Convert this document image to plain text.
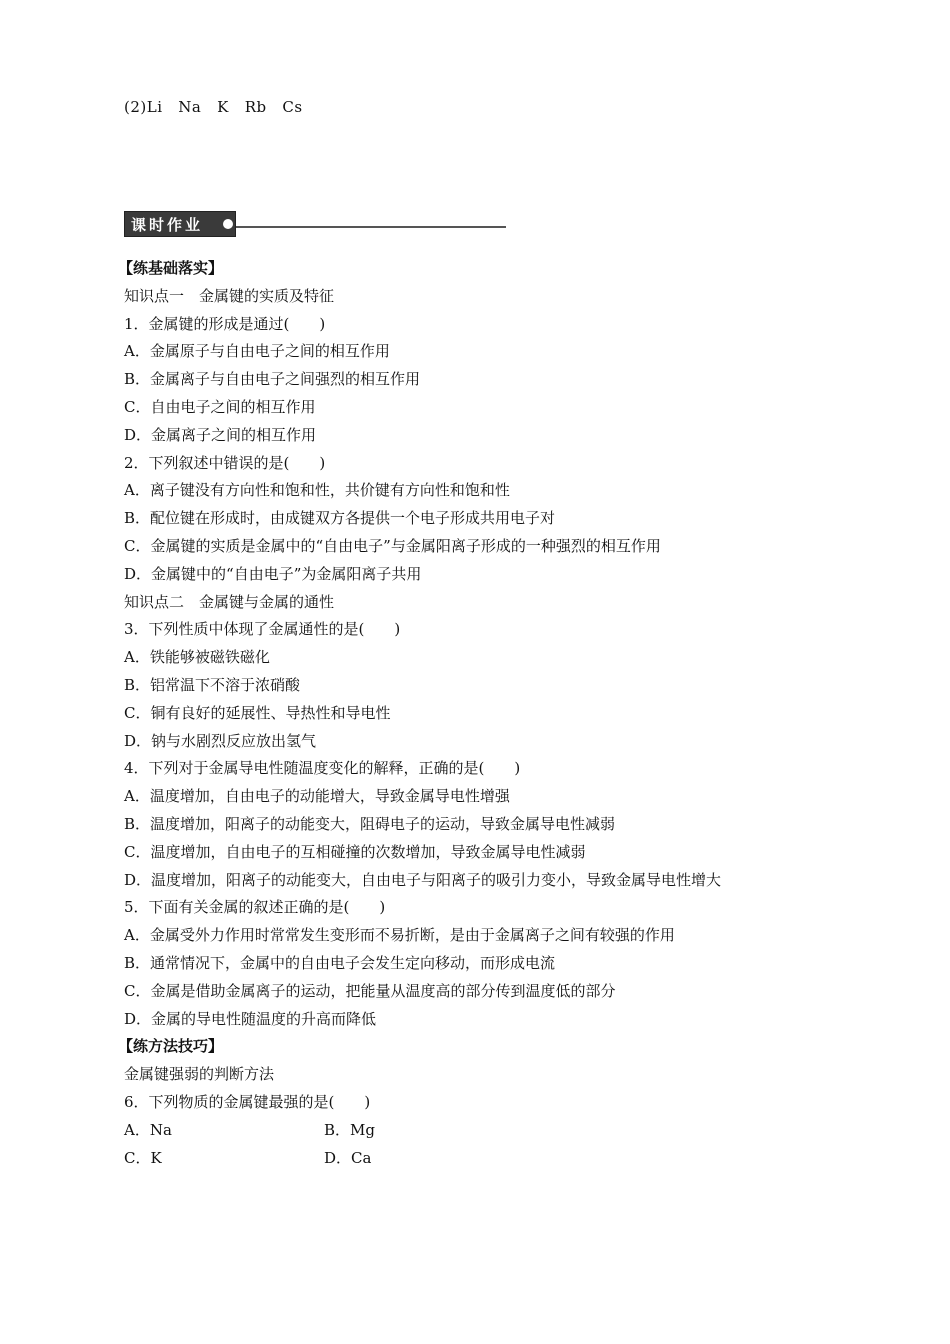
(2)Li   Na   K   Rb   Cs
课时作业
【练基础落实】
知识点一　金属键的实质及特征
1．金属键的形成是通过(　　)
A．金属原子与自由电子之间的相互作用
B．金属离子与自由电子之间强烈的相互作用
C．自由电子之间的相互作用
D．金属离子之间的相互作用
2．下列叙述中错误的是(　　)
A．离子键没有方向性和饱和性，共价键有方向性和饱和性
B．配位键在形成时，由成键双方各提供一个电子形成共用电子对
C．金属键的实质是金属中的“自由电子”与金属阳离子形成的一种强烈的相互作用
D．金属键中的“自由电子”为金属阳离子共用
知识点二　金属键与金属的通性
3．下列性质中体现了金属通性的是(　　)
A．铁能够被磁铁磁化
B．铝常温下不溶于浓硝酸
C．铜有良好的延展性、导热性和导电性
D．钠与水剧烈反应放出氢气
4．下列对于金属导电性随温度变化的解释，正确的是(　　)
A．温度增加，自由电子的动能增大，导致金属导电性增强
B．温度增加，阳离子的动能变大，阻碍电子的运动，导致金属导电性减弱
C．温度增加，自由电子的互相碰撞的次数增加，导致金属导电性减弱
D．温度增加，阳离子的动能变大，自由电子与阳离子的吸引力变小，导致金属导电性增大
5．下面有关金属的叙述正确的是(　　)
A．金属受外力作用时常常发生变形而不易折断，是由于金属离子之间有较强的作用
B．通常情况下，金属中的自由电子会发生定向移动，而形成电流
C．金属是借助金属离子的运动，把能量从温度高的部分传到温度低的部分
D．金属的导电性随温度的升高而降低
【练方法技巧】
金属键强弱的判断方法
6．下列物质的金属键最强的是(　　)
A．Na	B．Mg
C．K	D．Ca
